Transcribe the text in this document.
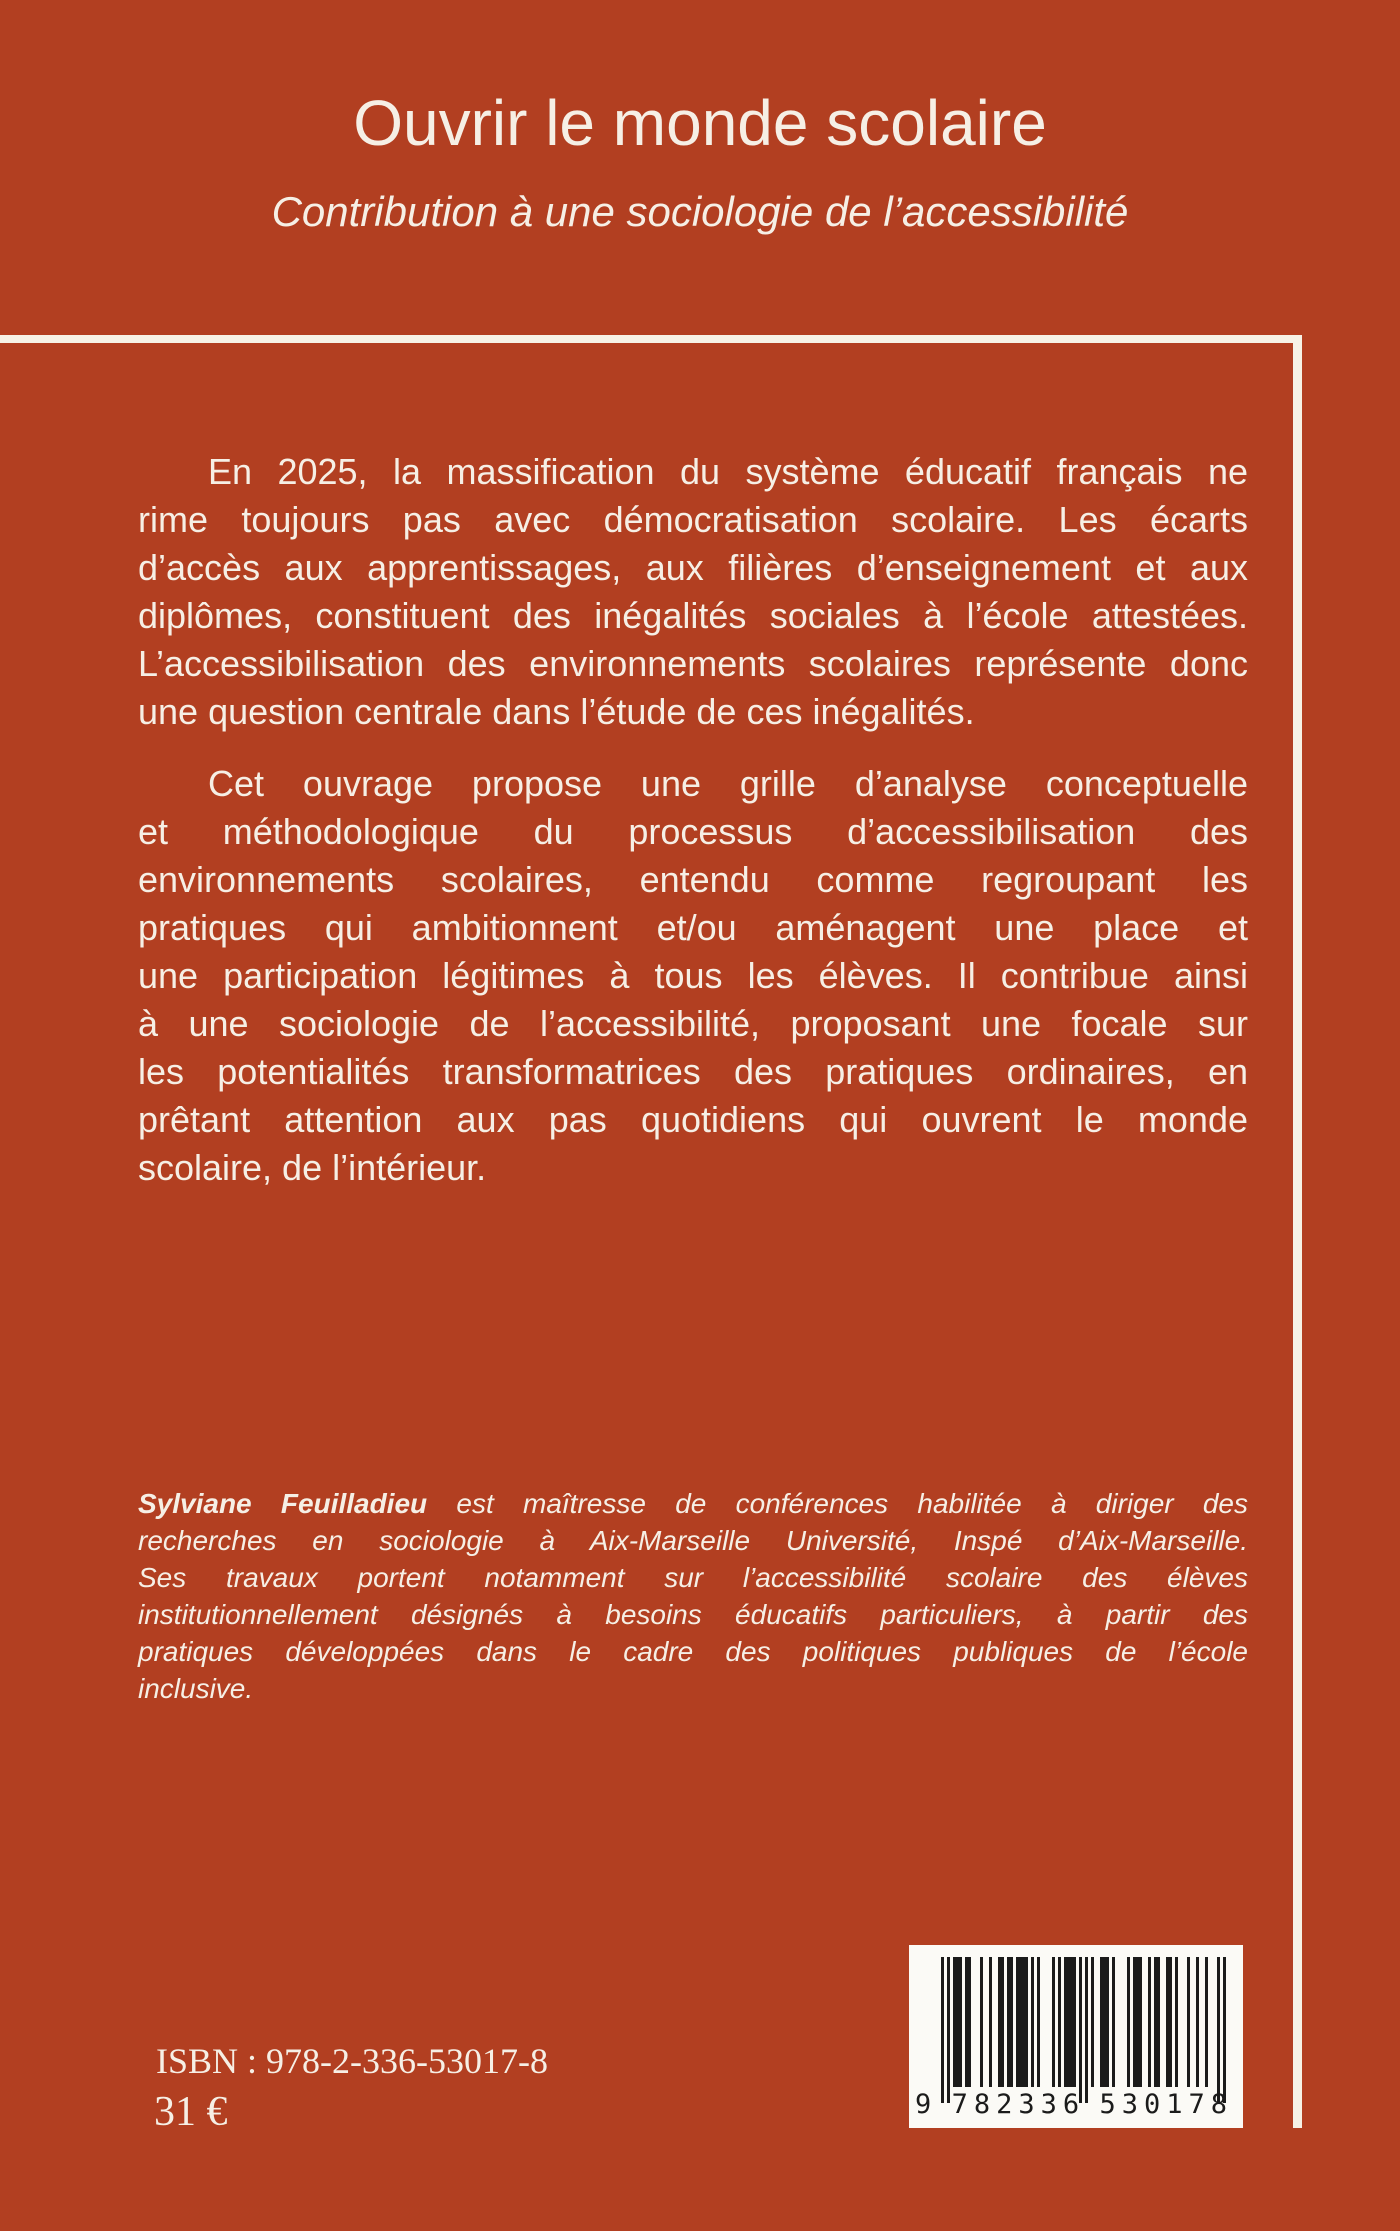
Ouvrir le monde scolaire
Contribution à une sociologie de l’accessibilité
En 2025, la massification du système éducatif français ne
rime toujours pas avec démocratisation scolaire. Les écarts
d’accès aux apprentissages, aux filières d’enseignement et aux
diplômes, constituent des inégalités sociales à l’école attestées.
L’accessibilisation des environnements scolaires représente donc
une question centrale dans l’étude de ces inégalités.
Cet ouvrage propose une grille d’analyse conceptuelle
et méthodologique du processus d’accessibilisation des
environnements scolaires, entendu comme regroupant les
pratiques qui ambitionnent et/ou aménagent une place et
une participation légitimes à tous les élèves. Il contribue ainsi
à une sociologie de l’accessibilité, proposant une focale sur
les potentialités transformatrices des pratiques ordinaires, en
prêtant attention aux pas quotidiens qui ouvrent le monde
scolaire, de l’intérieur.
Sylviane Feuilladieu est maîtresse de conférences habilitée à diriger des
recherches en sociologie à Aix-Marseille Université, Inspé d’Aix-Marseille.
Ses travaux portent notamment sur l’accessibilité scolaire des élèves
institutionnellement désignés à besoins éducatifs particuliers, à partir des
pratiques développées dans le cadre des politiques publiques de l’école
inclusive.
9 782336 530178
ISBN : 978-2-336-53017-8
31 €
